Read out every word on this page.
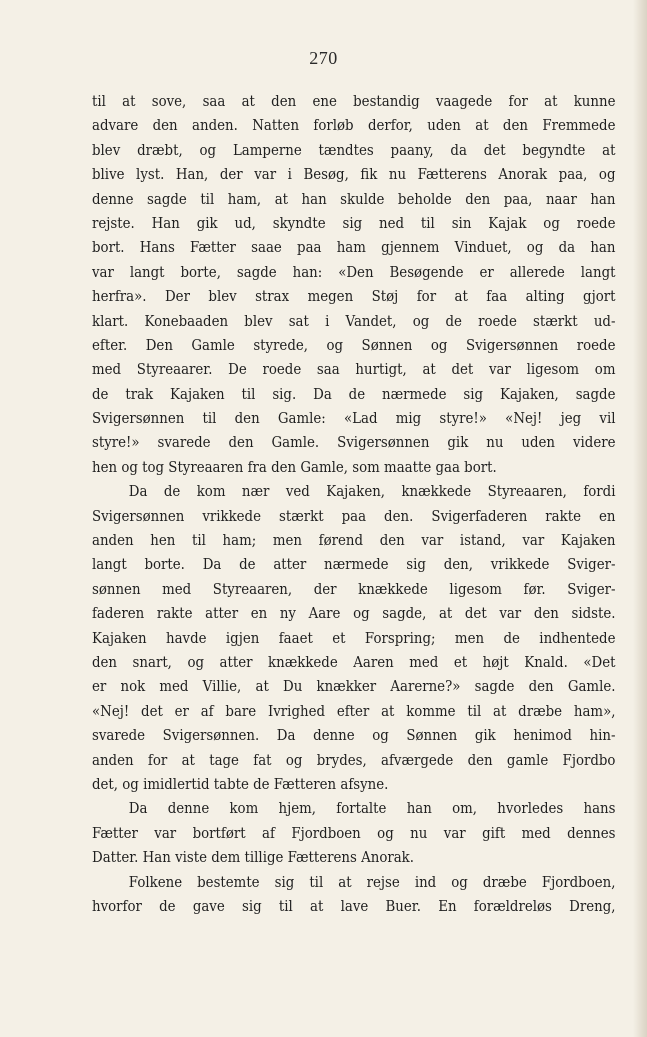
270
til at sove, saa at den ene bestandig vaagede for at kunne
advare den anden. Natten forløb derfor, uden at den Fremmede
blev dræbt, og Lamperne tændtes paany, da det begyndte at
blive lyst. Han, der var i Besøg, fik nu Fætterens Anorak paa, og
denne sagde til ham, at han skulde beholde den paa, naar han
rejste. Han gik ud, skyndte sig ned til sin Kajak og roede
bort. Hans Fætter saae paa ham gjennem Vinduet, og da han
var langt borte, sagde han: «Den Besøgende er allerede langt
herfra». Der blev strax megen Støj for at faa alting gjort
klart. Konebaaden blev sat i Vandet, og de roede stærkt ud-
efter. Den Gamle styrede, og Sønnen og Svigersønnen roede
med Styreaarer. De roede saa hurtigt, at det var ligesom om
de trak Kajaken til sig. Da de nærmede sig Kajaken, sagde
Svigersønnen til den Gamle: «Lad mig styre!» «Nej! jeg vil
styre!» svarede den Gamle. Svigersønnen gik nu uden videre
hen og tog Styreaaren fra den Gamle, som maatte gaa bort.
Da de kom nær ved Kajaken, knækkede Styreaaren, fordi
Svigersønnen vrikkede stærkt paa den. Svigerfaderen rakte en
anden hen til ham; men førend den var istand, var Kajaken
langt borte. Da de atter nærmede sig den, vrikkede Sviger-
sønnen med Styreaaren, der knækkede ligesom før. Sviger-
faderen rakte atter en ny Aare og sagde, at det var den sidste.
Kajaken havde igjen faaet et Forspring; men de indhentede
den snart, og atter knækkede Aaren med et højt Knald. «Det
er nok med Villie, at Du knækker Aarerne?» sagde den Gamle.
«Nej! det er af bare Ivrighed efter at komme til at dræbe ham»,
svarede Svigersønnen. Da denne og Sønnen gik henimod hin-
anden for at tage fat og brydes, afværgede den gamle Fjordbo
det, og imidlertid tabte de Fætteren afsyne.
Da denne kom hjem, fortalte han om, hvorledes hans
Fætter var bortført af Fjordboen og nu var gift med dennes
Datter. Han viste dem tillige Fætterens Anorak.
Folkene bestemte sig til at rejse ind og dræbe Fjordboen,
hvorfor de gave sig til at lave Buer. En forældreløs Dreng,
